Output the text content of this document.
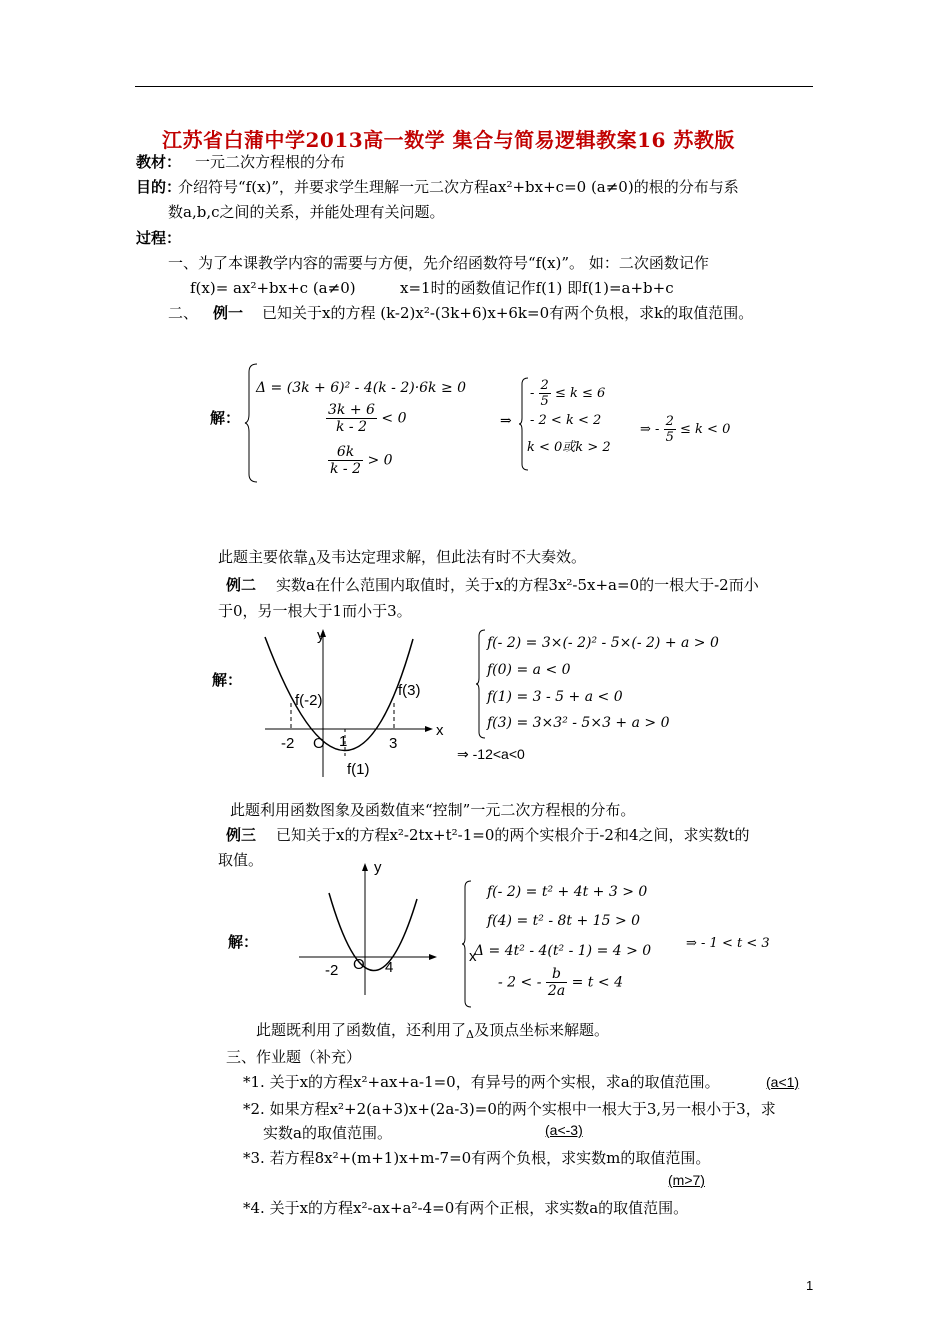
江苏省白蒲中学2013高一数学 集合与简易逻辑教案16 苏教版
教材： 一元二次方程根的分布
目的：
介绍符号“f(x)”，并要求学生理解一元二次方程ax²+bx+c=0 (a≠0)的根的分布与系
数a,b,c之间的关系，并能处理有关问题。
过程：
一、为了本课教学内容的需要与方便，先介绍函数符号“f(x)”。 如：二次函数记作
f(x)= ax²+bx+c (a≠0)	x=1时的函数值记作f(1) 即f(1)=a+b+c
二、 例一 已知关于x的方程 (k-2)x²-(3k+6)x+6k=0有两个负根，求k的取值范围。
解：
Δ = (3k + 6)² - 4(k - 2)·6k ≥ 0
$\frac{3k + 6}{k - 2} < 0$
$\frac{6k}{k - 2} > 0$
⇒
- $\frac{2}{5} \le k \le 6$
- 2 < k < 2
k < 0或k > 2
⇒ - $\frac{2}{5} \le k < 0$
此题主要依靠$_\Delta$及韦达定理求解，但此法有时不大奏效。
例二 实数a在什么范围内取值时，关于x的方程3x²-5x+a=0的一根大于-2而小
于0，另一根大于1而小于3。
解：
y
x
O
-2	1	3
f(-2)
f(3)
f(1)
f(- 2) = 3×(- 2)² - 5×(- 2) + a > 0
f(0) = a < 0
f(1) = 3 - 5 + a < 0
f(3) = 3×3² - 5×3 + a > 0
⇒ -12<a<0
此题利用函数图象及函数值来“控制”一元二次方程根的分布。
例三 已知关于x的方程x²-2tx+t²-1=0的两个实根介于-2和4之间，求实数t的
取值。
解：
y
x
O
-2	4
f(- 2) = t² + 4t + 3 > 0
f(4) = t² - 8t + 15 > 0
Δ = 4t² - 4(t² - 1) = 4 > 0
- 2 < - $\frac{b}{2a} = t < 4$
⇒ - 1 < t < 3
此题既利用了函数值，还利用了$_\Delta$及顶点坐标来解题。
三、作业题（补充）
*1. 关于x的方程x²+ax+a-1=0，有异号的两个实根，求a的取值范围。	(a<1)
*2. 如果方程x²+2(a+3)x+(2a-3)=0的两个实根中一根大于3,另一根小于3，求
实数a的取值范围。	(a<-3)
*3. 若方程8x²+(m+1)x+m-7=0有两个负根，求实数m的取值范围。
(m>7)
*4. 关于x的方程x²-ax+a²-4=0有两个正根，求实数a的取值范围。
1
